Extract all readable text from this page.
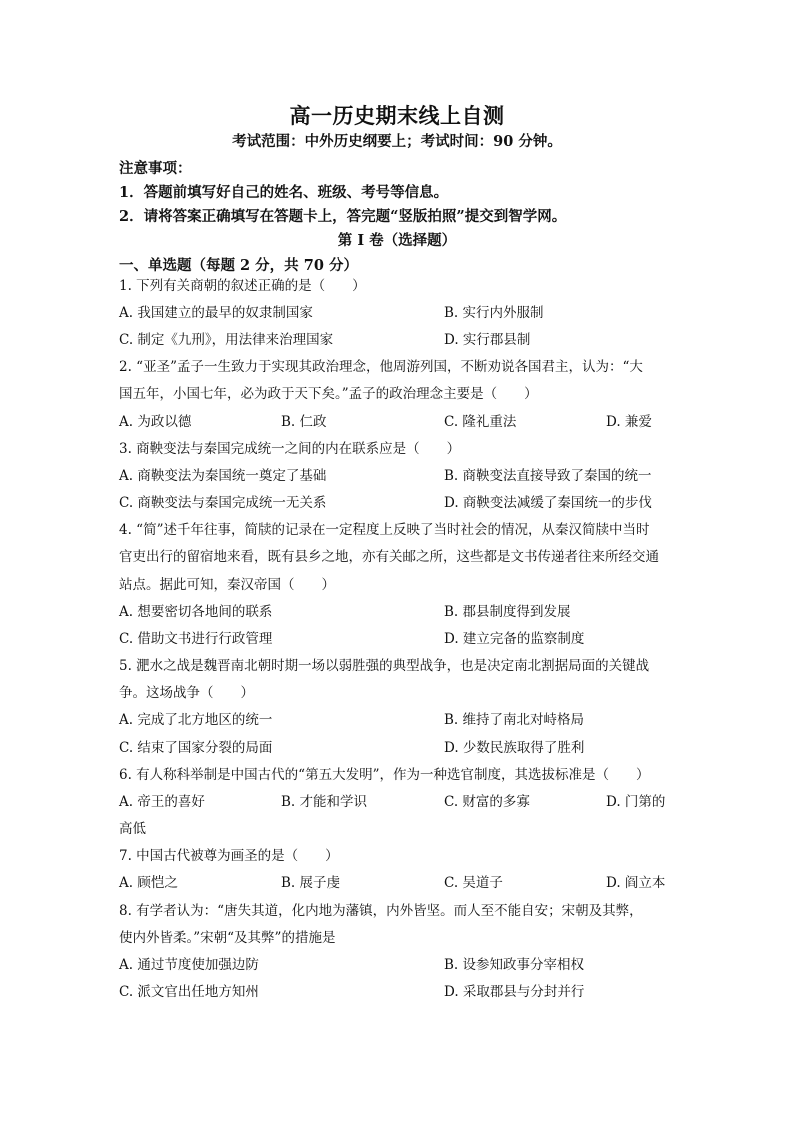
高一历史期末线上自测
考试范围：中外历史纲要上；考试时间：90 分钟。
注意事项：
1．答题前填写好自己的姓名、班级、考号等信息。
2．请将答案正确填写在答题卡上，答完题“竖版拍照”提交到智学网。
第 I 卷（选择题）
一、单选题（每题 2 分，共 70 分）
1. 下列有关商朝的叙述正确的是（　　）
A. 我国建立的最早的奴隶制国家	B. 实行内外服制
C. 制定《九刑》，用法律来治理国家	D. 实行郡县制
2. “亚圣”孟子一生致力于实现其政治理念，他周游列国，不断劝说各国君主，认为：“大
国五年，小国七年，必为政于天下矣。”孟子的政治理念主要是（　　）
A. 为政以德	B. 仁政	C. 隆礼重法	D. 兼爱
3. 商鞅变法与秦国完成统一之间的内在联系应是（　　）
A. 商鞅变法为秦国统一奠定了基础	B. 商鞅变法直接导致了秦国的统一
C. 商鞅变法与秦国完成统一无关系	D. 商鞅变法减缓了秦国统一的步伐
4. “简”述千年往事，简牍的记录在一定程度上反映了当时社会的情况，从秦汉简牍中当时
官吏出行的留宿地来看，既有县乡之地，亦有关邮之所，这些都是文书传递者往来所经交通
站点。据此可知，秦汉帝国（　　）
A. 想要密切各地间的联系	B. 郡县制度得到发展
C. 借助文书进行行政管理	D. 建立完备的监察制度
5. 淝水之战是魏晋南北朝时期一场以弱胜强的典型战争，也是决定南北割据局面的关键战
争。这场战争（　　）
A. 完成了北方地区的统一	B. 维持了南北对峙格局
C. 结束了国家分裂的局面	D. 少数民族取得了胜利
6. 有人称科举制是中国古代的“第五大发明”，作为一种选官制度，其选拔标准是（　　）
A. 帝王的喜好	B. 才能和学识	C. 财富的多寡	D. 门第的
高低
7. 中国古代被尊为画圣的是（　　）
A. 顾恺之	B. 展子虔	C. 吴道子	D. 阎立本
8. 有学者认为：“唐失其道，化内地为藩镇，内外皆坚。而人至不能自安；宋朝及其弊，
使内外皆柔。”宋朝“及其弊”的措施是
A. 通过节度使加强边防	B. 设参知政事分宰相权
C. 派文官出任地方知州	D. 采取郡县与分封并行
